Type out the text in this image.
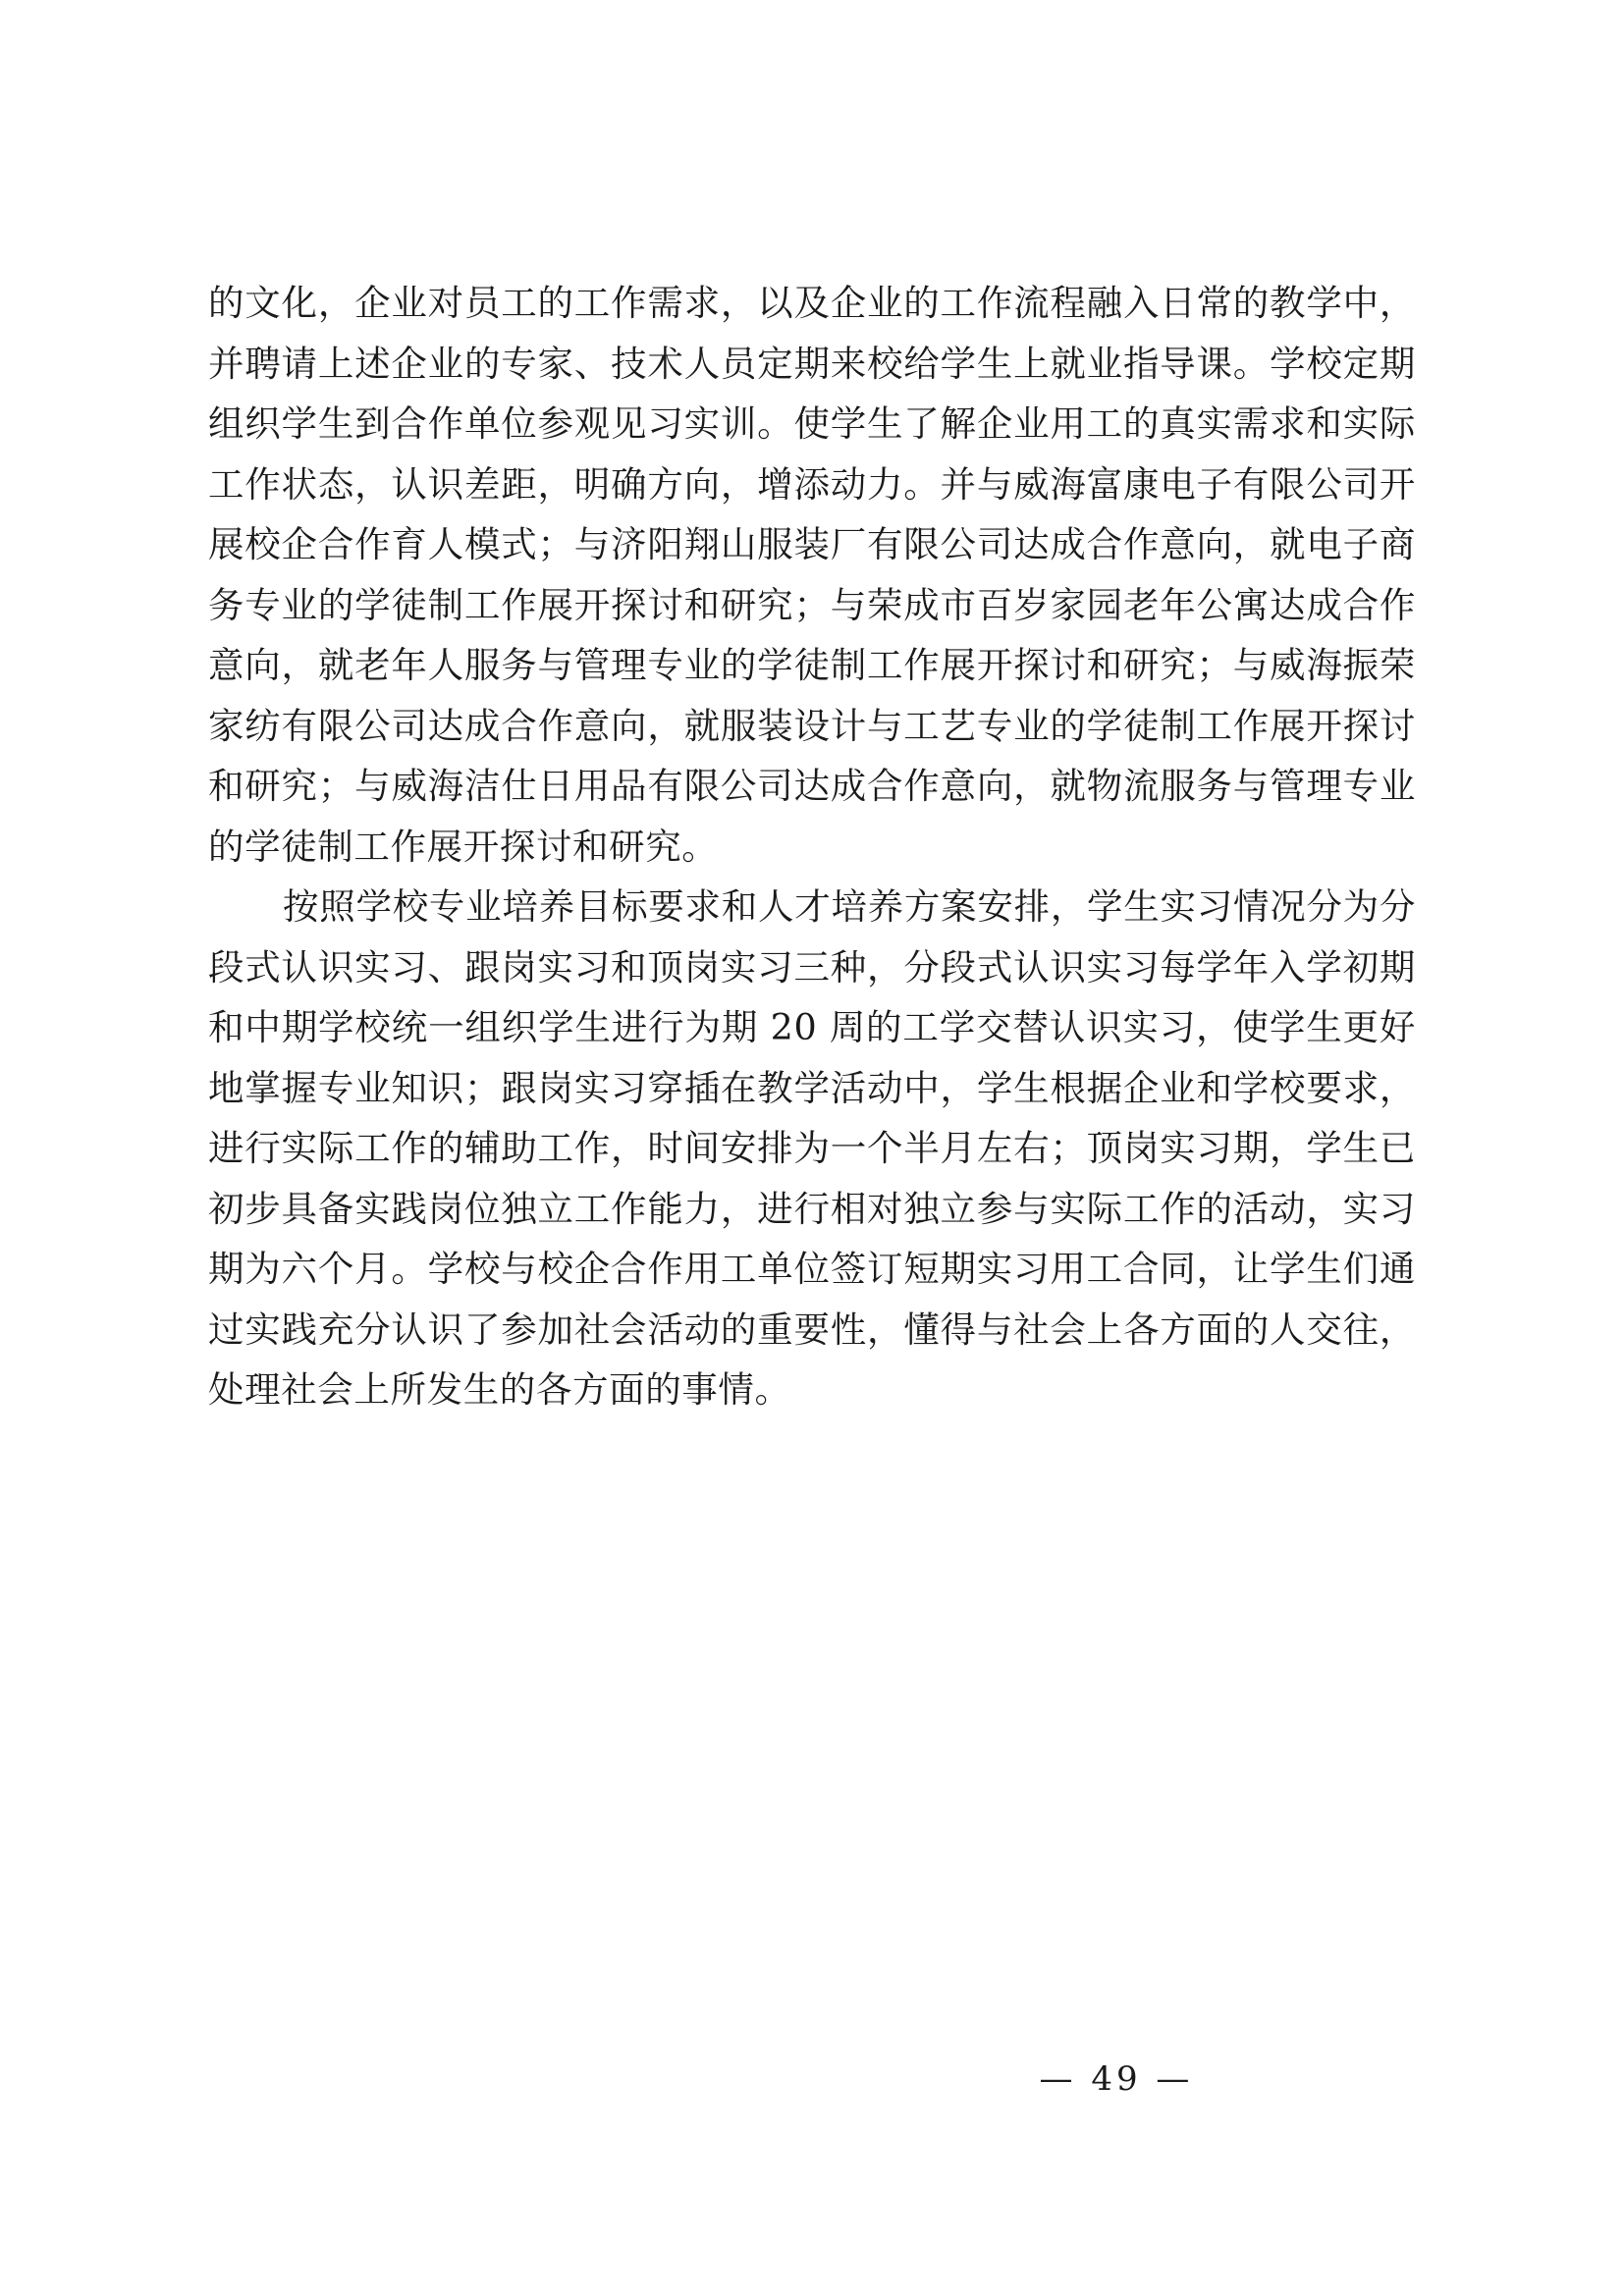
的文化，企业对员工的工作需求，以及企业的工作流程融入日常的教学中，并聘请上述企业的专家、技术人员定期来校给学生上就业指导课。学校定期组织学生到合作单位参观见习实训。使学生了解企业用工的真实需求和实际工作状态，认识差距，明确方向，增添动力。并与威海富康电子有限公司开展校企合作育人模式；与济阳翔山服装厂有限公司达成合作意向，就电子商务专业的学徒制工作展开探讨和研究；与荣成市百岁家园老年公寓达成合作意向，就老年人服务与管理专业的学徒制工作展开探讨和研究；与威海振荣家纺有限公司达成合作意向，就服装设计与工艺专业的学徒制工作展开探讨和研究；与威海洁仕日用品有限公司达成合作意向，就物流服务与管理专业的学徒制工作展开探讨和研究。

按照学校专业培养目标要求和人才培养方案安排，学生实习情况分为分段式认识实习、跟岗实习和顶岗实习三种，分段式认识实习每学年入学初期和中期学校统一组织学生进行为期 20 周的工学交替认识实习，使学生更好地掌握专业知识；跟岗实习穿插在教学活动中，学生根据企业和学校要求，进行实际工作的辅助工作，时间安排为一个半月左右；顶岗实习期，学生已初步具备实践岗位独立工作能力，进行相对独立参与实际工作的活动，实习期为六个月。学校与校企合作用工单位签订短期实习用工合同，让学生们通过实践充分认识了参加社会活动的重要性，懂得与社会上各方面的人交往，处理社会上所发生的各方面的事情。

— 49 —
